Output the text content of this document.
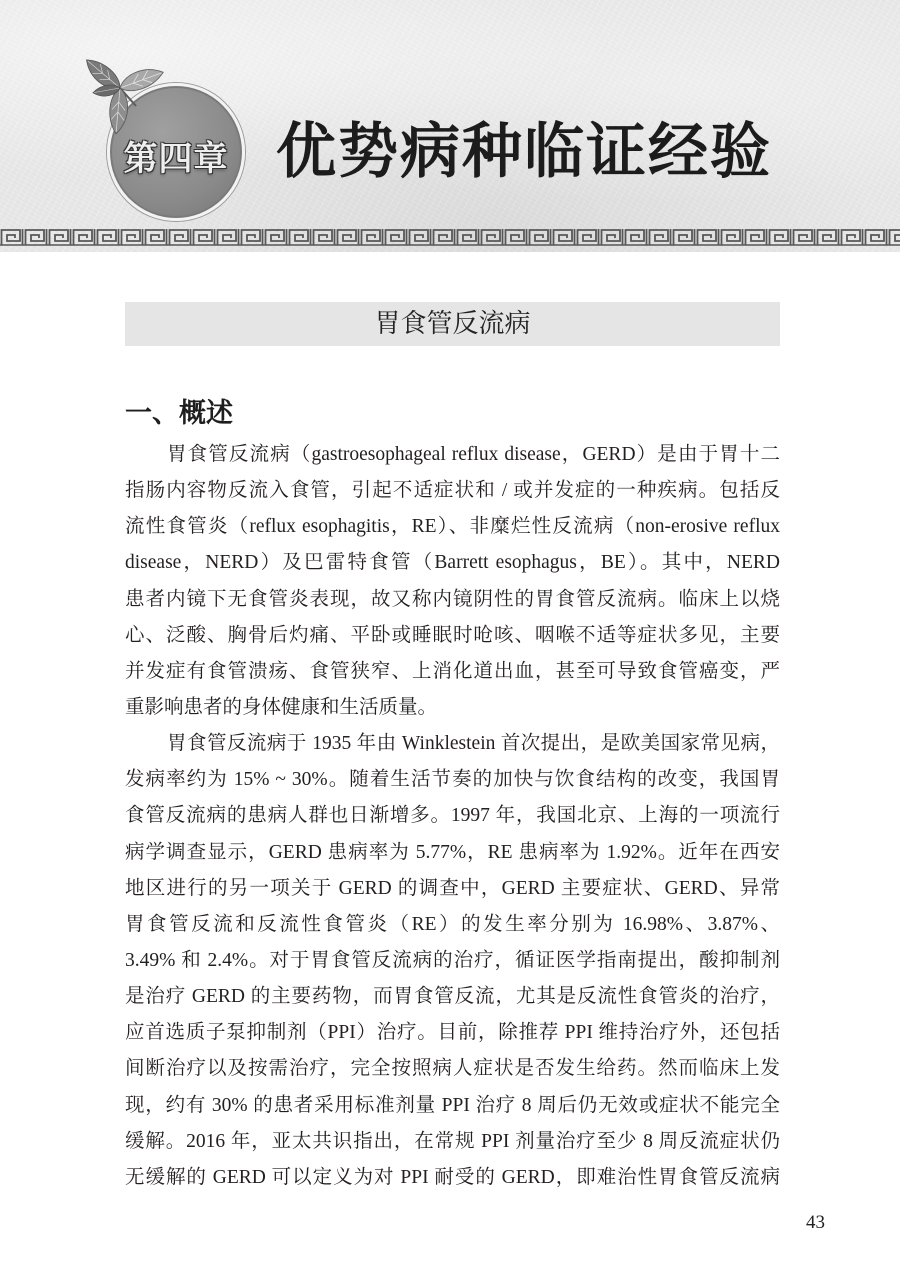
第四章 优势病种临证经验
胃食管反流病
一、概述
胃食管反流病（gastroesophageal reflux disease，GERD）是由于胃十二
指肠内容物反流入食管，引起不适症状和 / 或并发症的一种疾病。包括反
流性食管炎（reflux esophagitis，RE）、非糜烂性反流病（non-erosive reflux
disease，NERD）及巴雷特食管（Barrett esophagus，BE）。其中，NERD
患者内镜下无食管炎表现，故又称内镜阴性的胃食管反流病。临床上以烧
心、泛酸、胸骨后灼痛、平卧或睡眠时呛咳、咽喉不适等症状多见，主要
并发症有食管溃疡、食管狭窄、上消化道出血，甚至可导致食管癌变，严
重影响患者的身体健康和生活质量。
胃食管反流病于 1935 年由 Winklestein 首次提出，是欧美国家常见病，
发病率约为 15% ~ 30%。随着生活节奏的加快与饮食结构的改变，我国胃
食管反流病的患病人群也日渐增多。1997 年，我国北京、上海的一项流行
病学调查显示，GERD 患病率为 5.77%，RE 患病率为 1.92%。近年在西安
地区进行的另一项关于 GERD 的调查中，GERD 主要症状、GERD、异常
胃食管反流和反流性食管炎（RE）的发生率分别为 16.98%、3.87%、
3.49% 和 2.4%。对于胃食管反流病的治疗，循证医学指南提出，酸抑制剂
是治疗 GERD 的主要药物，而胃食管反流，尤其是反流性食管炎的治疗，
应首选质子泵抑制剂（PPI）治疗。目前，除推荐 PPI 维持治疗外，还包括
间断治疗以及按需治疗，完全按照病人症状是否发生给药。然而临床上发
现，约有 30% 的患者采用标准剂量 PPI 治疗 8 周后仍无效或症状不能完全
缓解。2016 年，亚太共识指出，在常规 PPI 剂量治疗至少 8 周反流症状仍
无缓解的 GERD 可以定义为对 PPI 耐受的 GERD，即难治性胃食管反流病
43
